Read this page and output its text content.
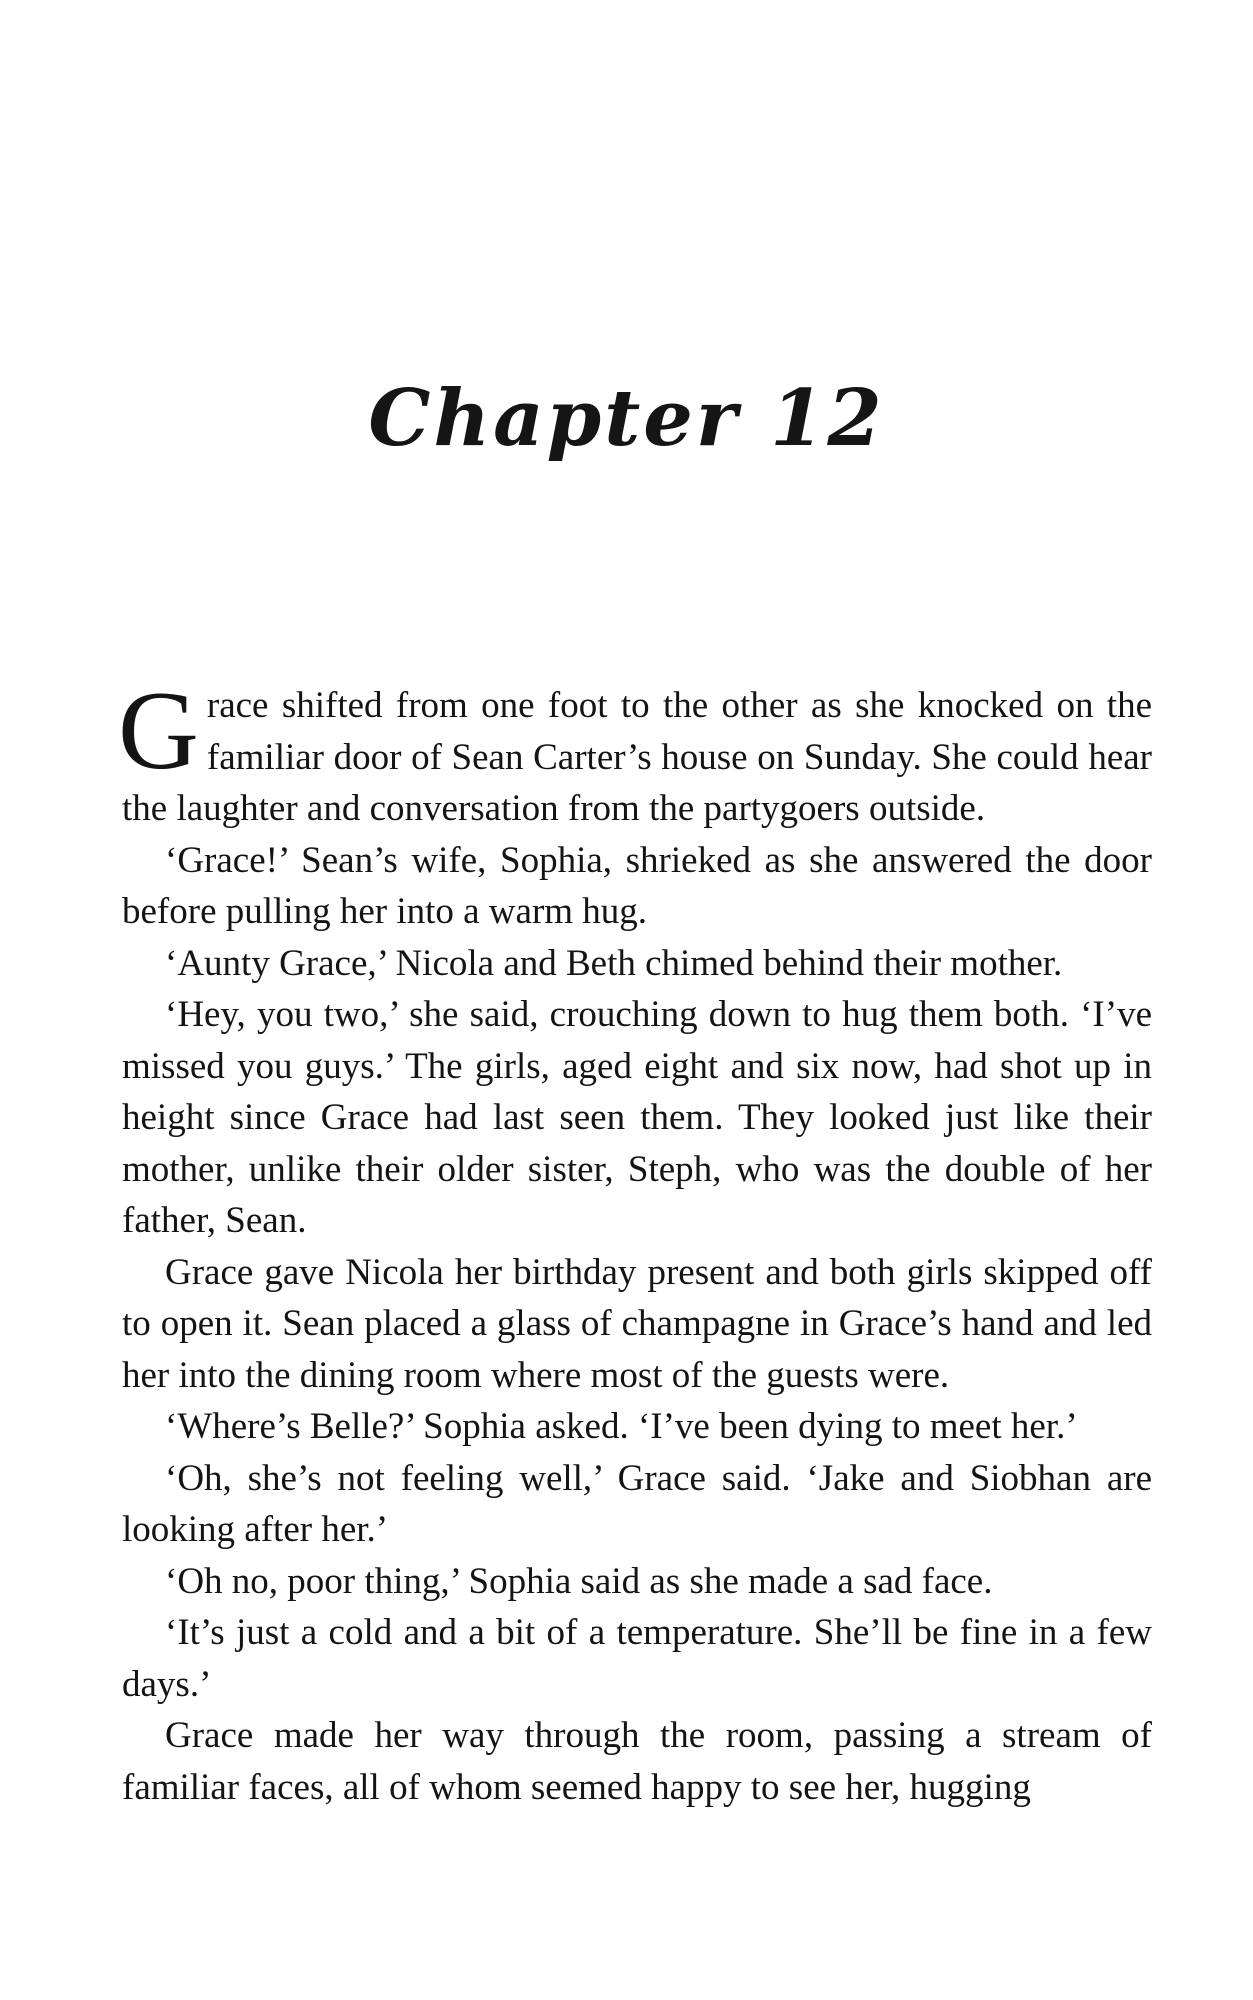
Chapter 12

Grace shifted from one foot to the other as she knocked on the familiar door of Sean Carter’s house on Sunday. She could hear the laughter and conversation from the partygoers outside.

‘Grace!’ Sean’s wife, Sophia, shrieked as she answered the door before pulling her into a warm hug.

‘Aunty Grace,’ Nicola and Beth chimed behind their mother.

‘Hey, you two,’ she said, crouching down to hug them both. ‘I’ve missed you guys.’ The girls, aged eight and six now, had shot up in height since Grace had last seen them. They looked just like their mother, unlike their older sister, Steph, who was the double of her father, Sean.

Grace gave Nicola her birthday present and both girls skipped off to open it. Sean placed a glass of champagne in Grace’s hand and led her into the dining room where most of the guests were.

‘Where’s Belle?’ Sophia asked. ‘I’ve been dying to meet her.’

‘Oh, she’s not feeling well,’ Grace said. ‘Jake and Siobhan are looking after her.’

‘Oh no, poor thing,’ Sophia said as she made a sad face.

‘It’s just a cold and a bit of a temperature. She’ll be fine in a few days.’

Grace made her way through the room, passing a stream of familiar faces, all of whom seemed happy to see her, hugging
